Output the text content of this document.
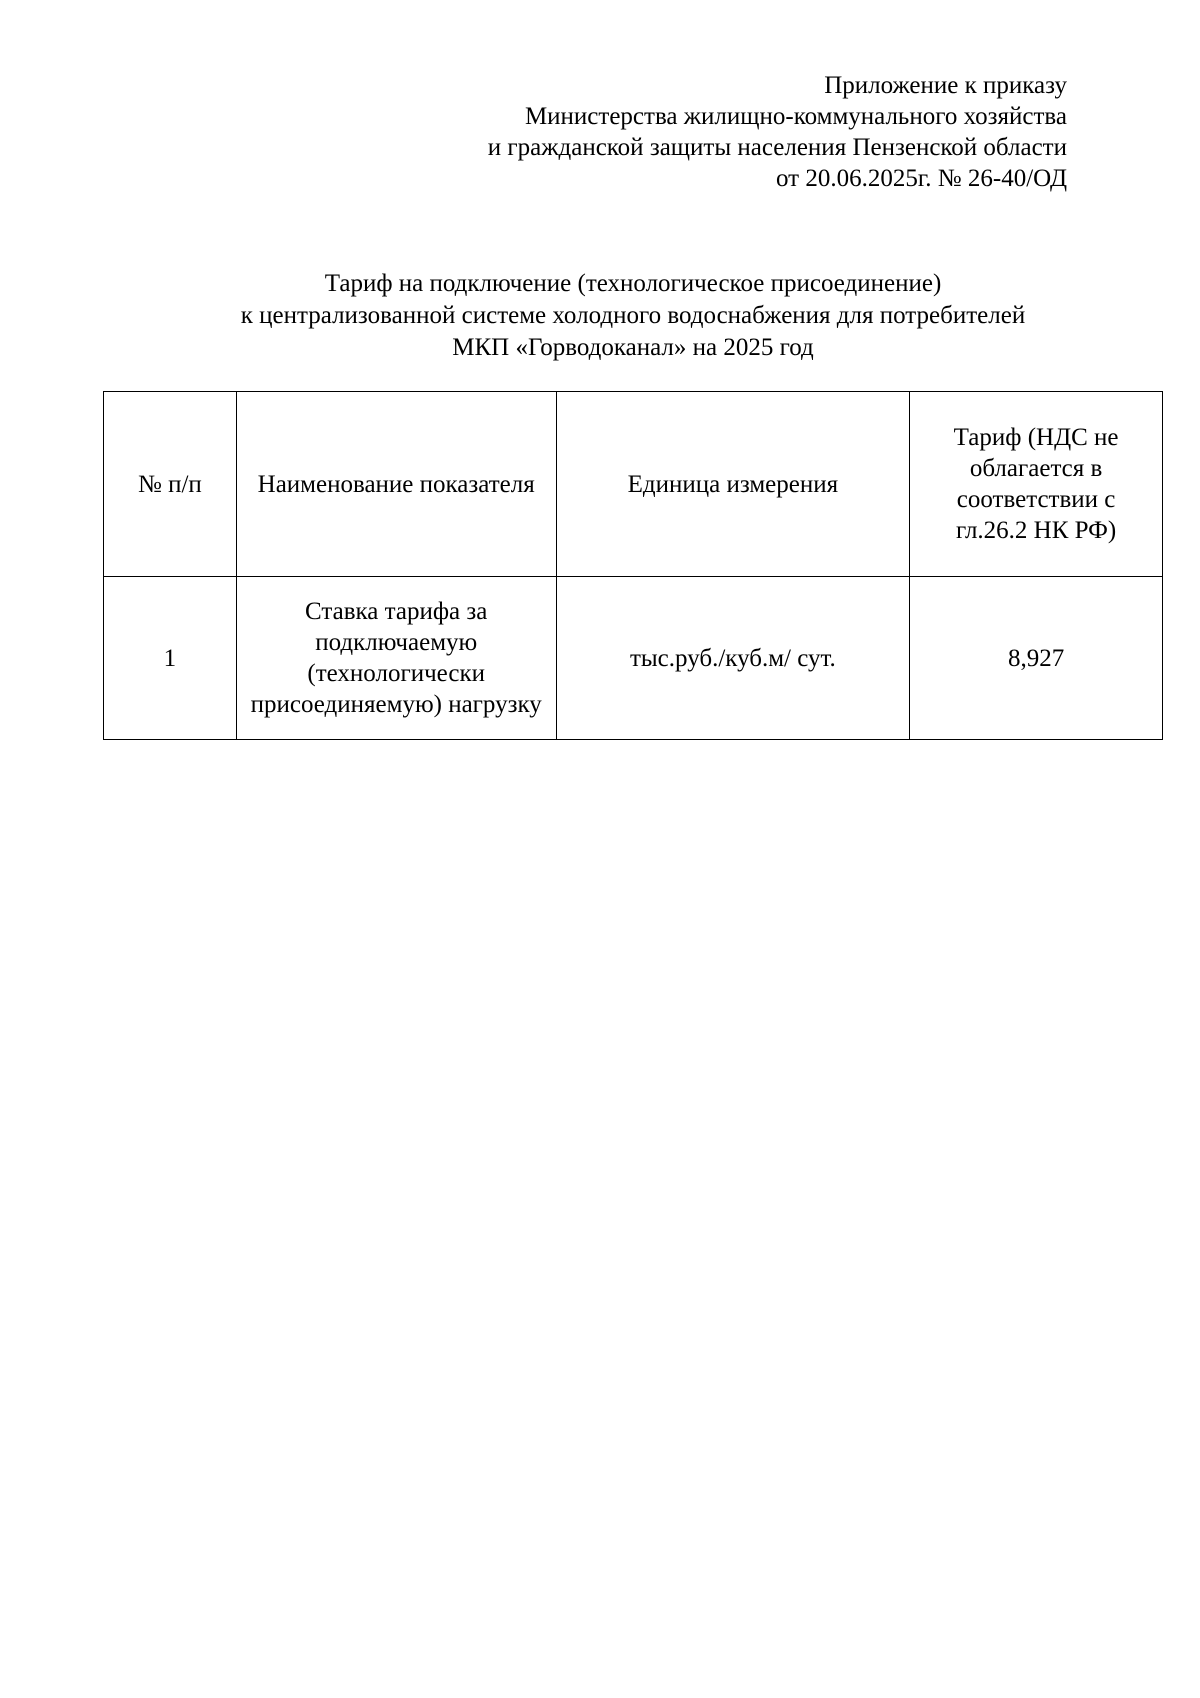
Приложение к приказу
Министерства жилищно-коммунального хозяйства
и гражданской защиты населения Пензенской области
от 20.06.2025г. № 26-40/ОД
Тариф на подключение (технологическое присоединение)
к централизованной системе холодного водоснабжения для потребителей
МКП «Горводоканал» на 2025 год
№ п/п	Наименование показателя	Единица измерения	Тариф (НДС не облагается в соответствии с гл.26.2 НК РФ)
1	Ставка тарифа за подключаемую (технологически присоединяемую) нагрузку	тыс.руб./куб.м/ сут.	8,927
